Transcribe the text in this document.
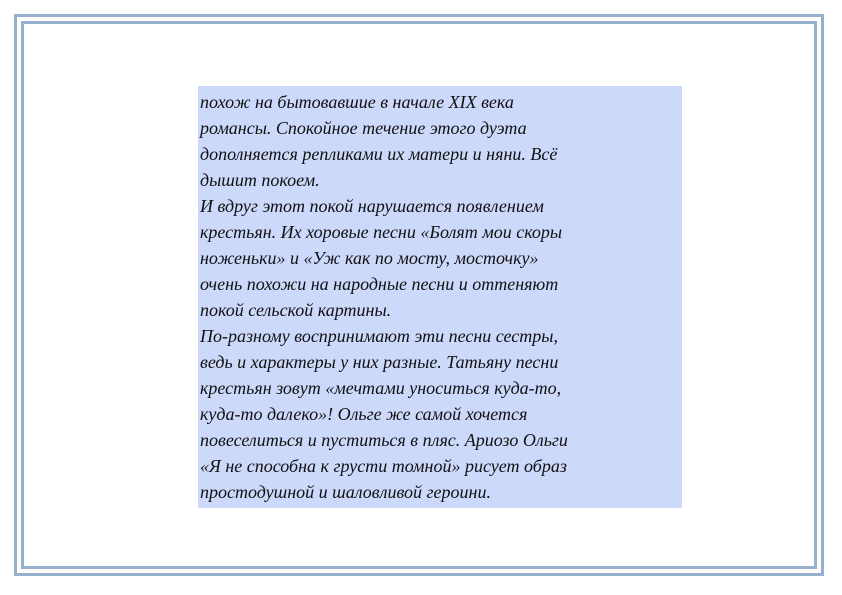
похож на бытовавшие в начале XIX века
романсы. Спокойное течение этого дуэта
дополняется репликами их матери и няни. Всё
дышит покоем.

И вдруг этот покой нарушается появлением
крестьян. Их хоровые песни «Болят мои скоры
ноженьки» и «Уж как по мосту, мосточку»
очень похожи на народные песни и оттеняют
покой сельской картины.

По-разному воспринимают эти песни сестры,
ведь и характеры у них разные. Татьяну песни
крестьян зовут «мечтами уноситься куда-то,
куда-то далеко»! Ольге же самой хочется
повеселиться и пуститься в пляс. Ариозо Ольги
«Я не способна к грусти томной» рисует образ
простодушной и шаловливой героини.
